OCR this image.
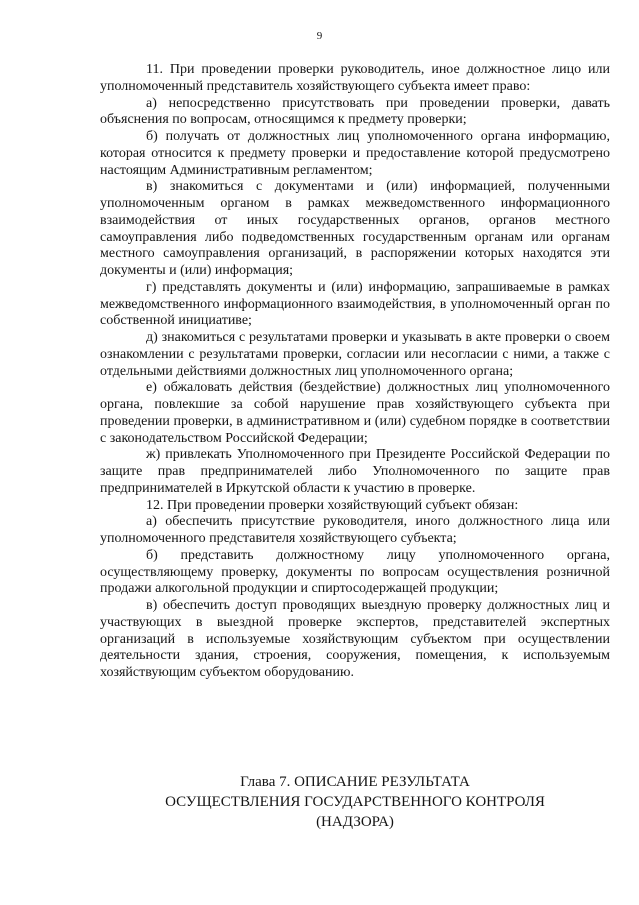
9

11. При проведении проверки руководитель, иное должностное лицо или уполномоченный представитель хозяйствующего субъекта имеет право:

а) непосредственно присутствовать при проведении проверки, давать объяснения по вопросам, относящимся к предмету проверки;

б) получать от должностных лиц уполномоченного органа информацию, которая относится к предмету проверки и предоставление которой предусмотрено настоящим Административным регламентом;

в) знакомиться с документами и (или) информацией, полученными уполномоченным органом в рамках межведомственного информационного взаимодействия от иных государственных органов, органов местного самоуправления либо подведомственных государственным органам или органам местного самоуправления организаций, в распоряжении которых находятся эти документы и (или) информация;

г) представлять документы и (или) информацию, запрашиваемые в рамках межведомственного информационного взаимодействия, в уполномоченный орган по собственной инициативе;

д) знакомиться с результатами проверки и указывать в акте проверки о своем ознакомлении с результатами проверки, согласии или несогласии с ними, а также с отдельными действиями должностных лиц уполномоченного органа;

е) обжаловать действия (бездействие) должностных лиц уполномоченного органа, повлекшие за собой нарушение прав хозяйствующего субъекта при проведении проверки, в административном и (или) судебном порядке в соответствии с законодательством Российской Федерации;

ж) привлекать Уполномоченного при Президенте Российской Федерации по защите прав предпринимателей либо Уполномоченного по защите прав предпринимателей в Иркутской области к участию в проверке.

12. При проведении проверки хозяйствующий субъект обязан:

а) обеспечить присутствие руководителя, иного должностного лица или уполномоченного представителя хозяйствующего субъекта;

б) представить должностному лицу уполномоченного органа, осуществляющему проверку, документы по вопросам осуществления розничной продажи алкогольной продукции и спиртосодержащей продукции;

в) обеспечить доступ проводящих выездную проверку должностных лиц и участвующих в выездной проверке экспертов, представителей экспертных организаций в используемые хозяйствующим субъектом при осуществлении деятельности здания, строения, сооружения, помещения, к используемым хозяйствующим субъектом оборудованию.

Глава 7. ОПИСАНИЕ РЕЗУЛЬТАТА
ОСУЩЕСТВЛЕНИЯ ГОСУДАРСТВЕННОГО КОНТРОЛЯ
(НАДЗОРА)
